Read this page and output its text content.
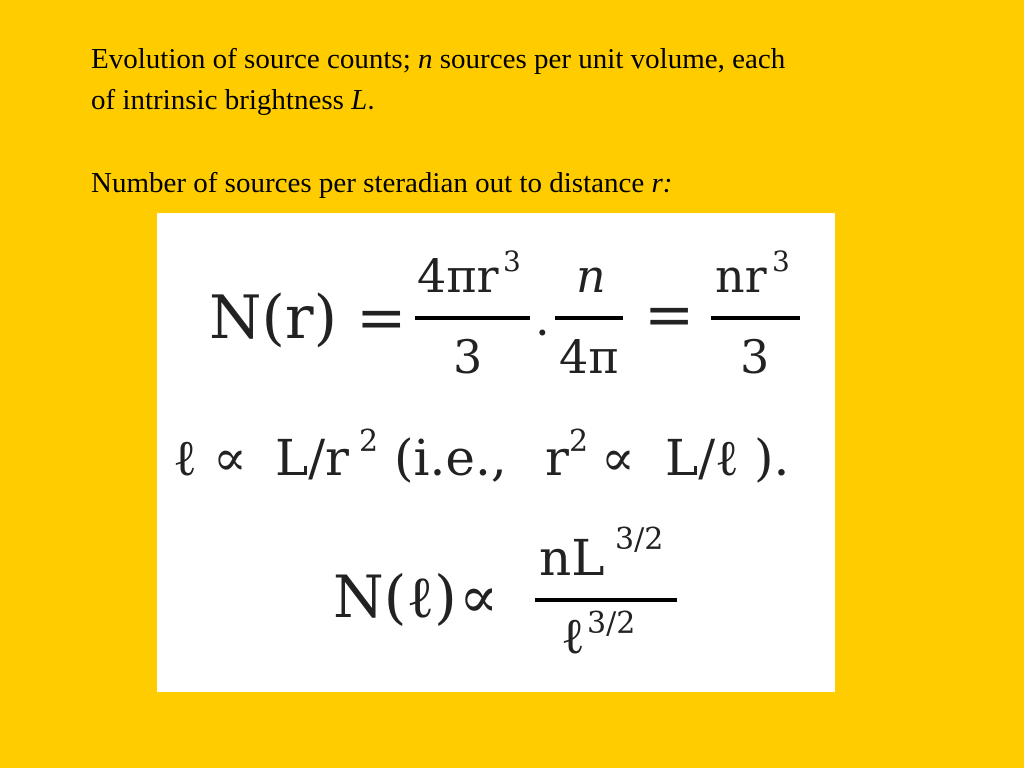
Evolution of source counts; n sources per unit volume, each
of intrinsic brightness L.
Number of sources per steradian out to distance r:
N(r) =
4πr 3
3
.
n
4π
=
nr 3
3
ℓ ∝ L/r 2 (i.e., r 2 ∝ L/ℓ ).
N(ℓ) ∝
nL 3/2
ℓ 3/2
